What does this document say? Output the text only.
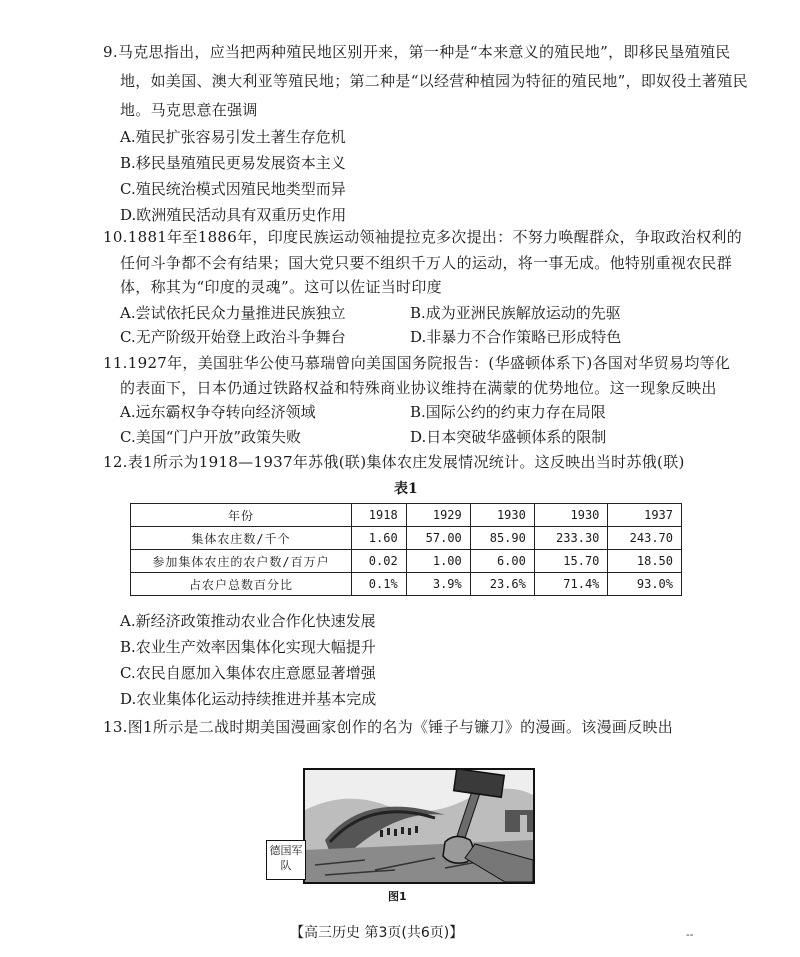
9.马克思指出，应当把两种殖民地区别开来，第一种是“本来意义的殖民地”，即移民垦殖殖民
地，如美国、澳大利亚等殖民地；第二种是“以经营种植园为特征的殖民地”，即奴役土著殖民
地。马克思意在强调
A.殖民扩张容易引发土著生存危机
B.移民垦殖殖民更易发展资本主义
C.殖民统治模式因殖民地类型而异
D.欧洲殖民活动具有双重历史作用
10.1881年至1886年，印度民族运动领袖提拉克多次提出：不努力唤醒群众，争取政治权利的
任何斗争都不会有结果；国大党只要不组织千万人的运动，将一事无成。他特别重视农民群
体，称其为“印度的灵魂”。这可以佐证当时印度
A.尝试依托民众力量推进民族独立	B.成为亚洲民族解放运动的先驱
C.无产阶级开始登上政治斗争舞台	D.非暴力不合作策略已形成特色
11.1927年，美国驻华公使马慕瑞曾向美国国务院报告：(华盛顿体系下)各国对华贸易均等化
的表面下，日本仍通过铁路权益和特殊商业协议维持在满蒙的优势地位。这一现象反映出
A.远东霸权争夺转向经济领域	B.国际公约的约束力存在局限
C.美国“门户开放”政策失败	D.日本突破华盛顿体系的限制
12.表1所示为1918—1937年苏俄(联)集体农庄发展情况统计。这反映出当时苏俄(联)
表1
年份	1918	1929	1930	1930	1937
集体农庄数/千个	1.60	57.00	85.90	233.30	243.70
参加集体农庄的农户数/百万户	0.02	1.00	6.00	15.70	18.50
占农户总数百分比	0.1%	3.9%	23.6%	71.4%	93.0%
A.新经济政策推动农业合作化快速发展
B.农业生产效率因集体化实现大幅提升
C.农民自愿加入集体农庄意愿显著增强
D.农业集体化运动持续推进并基本完成
13.图1所示是二战时期美国漫画家创作的名为《锤子与镰刀》的漫画。该漫画反映出
德国军队
图1
【高三历史 第3页(共6页)】	--
